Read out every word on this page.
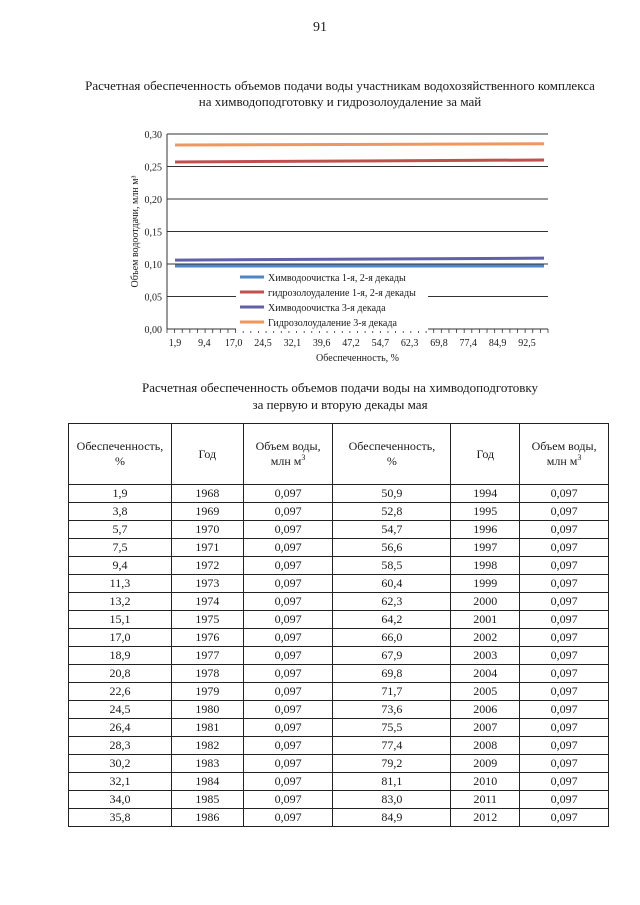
91
Расчетная обеспеченность объемов подачи воды участникам водохозяйственного комплекса
на химводоподготовку и гидрозолоудаление за май
0,00
0,05
0,10
0,15
0,20
0,25
0,30
1,9 9,4 17,0 24,5 32,1 39,6 47,2 54,7 62,3 69,8 77,4 84,9 92,5
Обеспеченность, %
Объем водоотдачи, млн м³	Химводоочистка 1-я, 2-я декады
гидрозолоудаление 1-я, 2-я декады
Химводоочистка 3-я декада
Гидрозолоудаление 3-я декада
Расчетная обеспеченность объемов подачи воды на химводоподготовку
за первую и вторую декады мая
Обеспеченность,
%	Год	Объем воды,
млн $м^3$	Обеспеченность,
%	Год	Объем воды,
млн $м^3$

1,9	1968	0,097	50,9	1994	0,097
3,8	1969	0,097	52,8	1995	0,097
5,7	1970	0,097	54,7	1996	0,097
7,5	1971	0,097	56,6	1997	0,097
9,4	1972	0,097	58,5	1998	0,097
11,3	1973	0,097	60,4	1999	0,097
13,2	1974	0,097	62,3	2000	0,097
15,1	1975	0,097	64,2	2001	0,097
17,0	1976	0,097	66,0	2002	0,097
18,9	1977	0,097	67,9	2003	0,097
20,8	1978	0,097	69,8	2004	0,097
22,6	1979	0,097	71,7	2005	0,097
24,5	1980	0,097	73,6	2006	0,097
26,4	1981	0,097	75,5	2007	0,097
28,3	1982	0,097	77,4	2008	0,097
30,2	1983	0,097	79,2	2009	0,097
32,1	1984	0,097	81,1	2010	0,097
34,0	1985	0,097	83,0	2011	0,097
35,8	1986	0,097	84,9	2012	0,097
